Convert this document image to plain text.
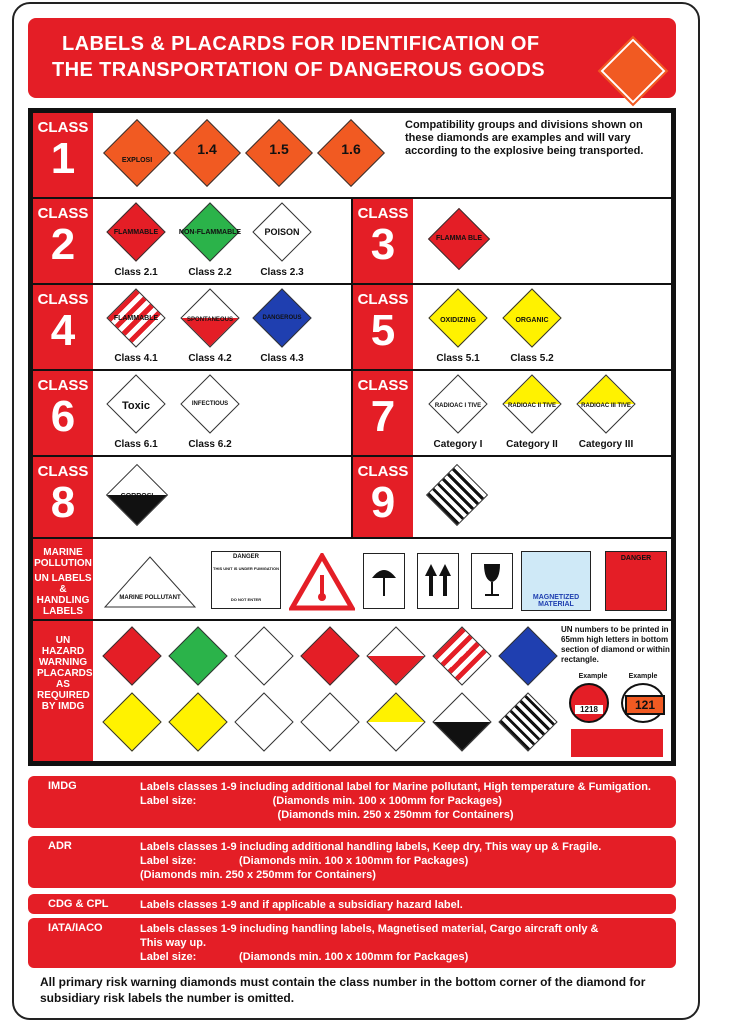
LABELS & PLACARDS FOR IDENTIFICATION OF
THE TRANSPORTATION OF DANGEROUS GOODS
CLASS
1	EXPLOSI
1.4	1.5	1.6
Compatibility groups and divisions shown on these diamonds are examples and will vary according to the explosive being transported.
CLASS
2	FLAMMABLE
Class 2.1
NON-FLAMMABLE
Class 2.2
POISON
Class 2.3
CLASS
3	FLAMMA BLE
CLASS
4	FLAMMABLE
Class 4.1
SPONTANEOUS
Class 4.2
DANGEROUS
Class 4.3
CLASS
5	OXIDIZING
Class 5.1
ORGANIC
Class 5.2
CLASS
6	Toxic
Class 6.1
INFECTIOUS
Class 6.2
CLASS
7	RADIOAC I TIVE
Category I
RADIOAC II TIVE
Category II
RADIOAC III TIVE
Category III
CLASS
8	CORROSI
CLASS
9
MARINE
POLLUTION
UN LABELS
& HANDLING
LABELS
MARINE POLLUTANT
DANGER
THIS UNIT IS UNDER FUMIGATION
DO NOT ENTER	MAGNETIZED MATERIAL
DANGER
UN HAZARD WARNING PLACARDS AS REQUIRED BY IMDG
UN numbers to be printed in 65mm high letters in bottom section of diamond or within rectangle.
Example	Example
1218	121
IMDG	Labels classes 1-9 including additional label for Marine pollutant, High temperature & Fumigation.
Label size:                         (Diamonds min. 100 x 100mm for Packages)
(Diamonds min. 250 x 250mm for Containers)
ADR	Labels classes 1-9 including additional handling labels, Keep dry, This way up & Fragile.
Label size:              (Diamonds min. 100 x 100mm for Packages)
(Diamonds min. 250 x 250mm for Containers)
CDG & CPL	Labels classes 1-9 and if applicable a subsidiary hazard label.
IATA/IACO	Labels classes 1-9 including handling labels, Magnetised material, Cargo aircraft only &
This way up.
Label size:              (Diamonds min. 100 x 100mm for Packages)
All primary risk warning diamonds must contain the class number in the bottom corner of the diamond for subsidiary risk labels the number is omitted.
